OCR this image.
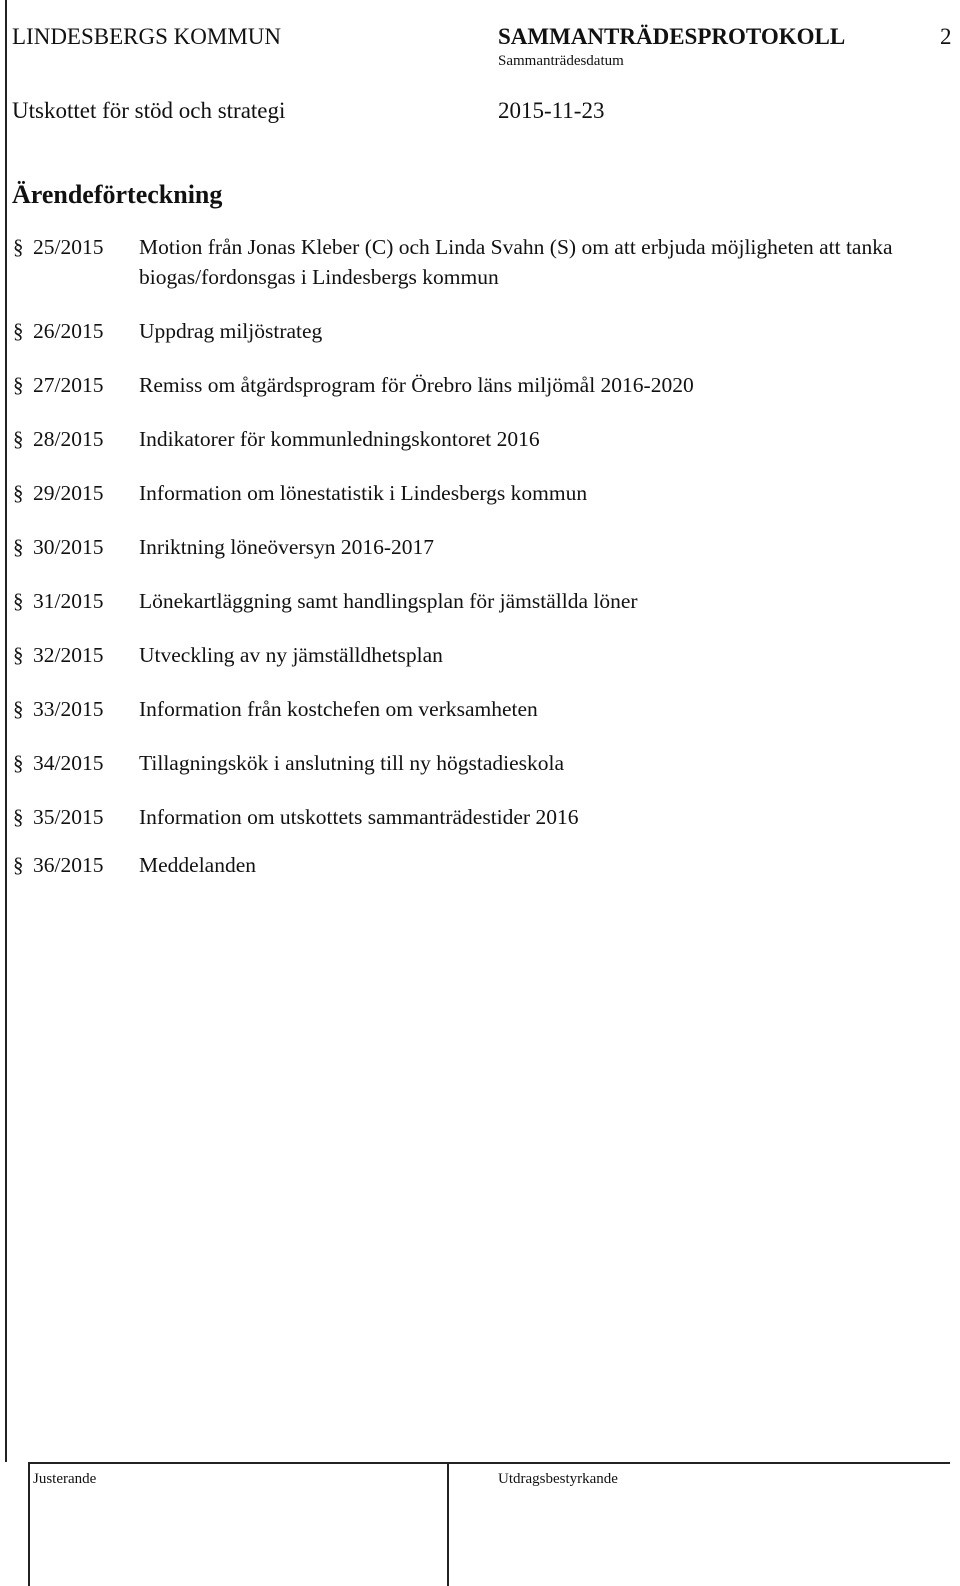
LINDESBERGS KOMMUN	SAMMANTRÄDESPROTOKOLL	2
Sammanträdesdatum
Utskottet för stöd och strategi	2015-11-23
Ärendeförteckning
§ 25/2015 Motion från Jonas Kleber (C) och Linda Svahn (S) om att erbjuda möjligheten att tanka biogas/fordonsgas i Lindesbergs kommun
§ 26/2015 Uppdrag miljöstrateg
§ 27/2015 Remiss om åtgärdsprogram för Örebro läns miljömål 2016-2020
§ 28/2015 Indikatorer för kommunledningskontoret 2016
§ 29/2015 Information om lönestatistik i Lindesbergs kommun
§ 30/2015 Inriktning löneöversyn 2016-2017
§ 31/2015 Lönekartläggning samt handlingsplan för jämställda löner
§ 32/2015 Utveckling av ny jämställdhetsplan
§ 33/2015 Information från kostchefen om verksamheten
§ 34/2015 Tillagningskök i anslutning till ny högstadieskola
§ 35/2015 Information om utskottets sammanträdestider 2016
§ 36/2015 Meddelanden
Justerande	Utdragsbestyrkande
